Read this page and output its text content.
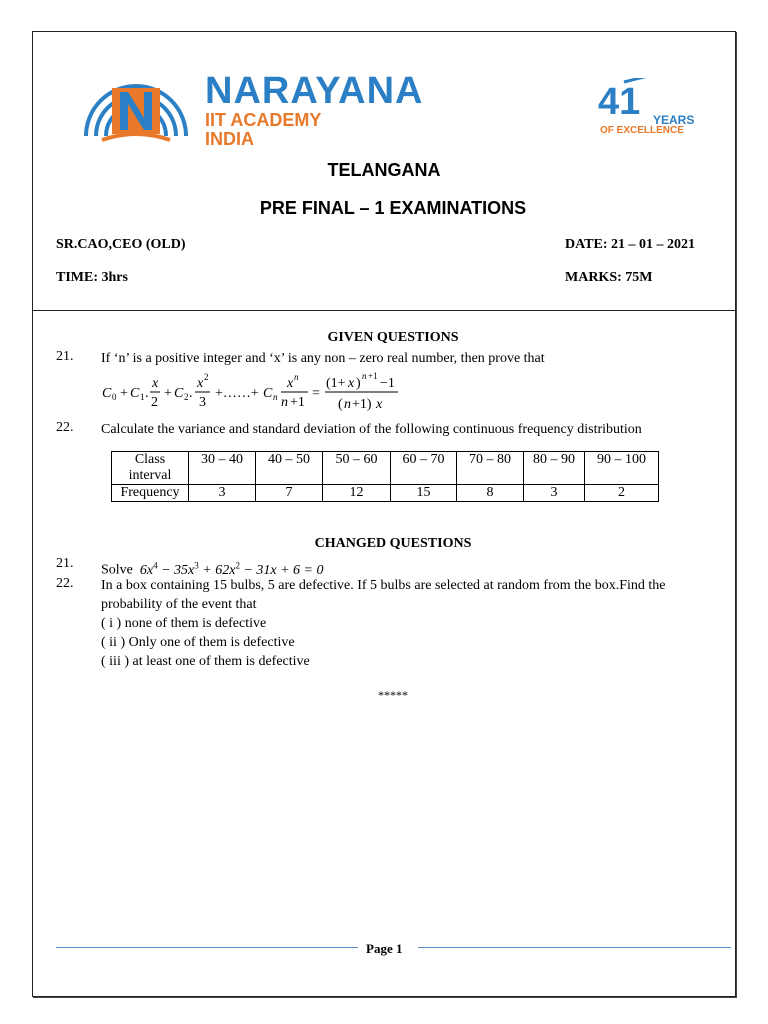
NARAYANA
IIT ACADEMY
INDIA
41 YEARS
OF EXCELLENCE
TELANGANA
PRE FINAL – 1 EXAMINATIONS
SR.CAO,CEO (OLD)	DATE: 21 – 01 – 2021
TIME: 3hrs	MARKS: 75M
GIVEN QUESTIONS
21. If ‘n’ is a positive integer and ‘x’ is any non – zero real number, then prove that
C 0 + C 1 .
x
2
+ C 2 .
x 2
3
+……+ C n
x n
n +1
=
(1+ x ) n +1 −1
( n +1) x
22. Calculate the variance and standard deviation of the following continuous frequency distribution
Class interval	30 – 40	40 – 50	50 – 60	60 – 70	70 – 80	80 – 90	90 – 100
Frequency	3	7	12	15	8	3	2
CHANGED QUESTIONS
21. Solve  $6x^4 - 35x^3 + 62x^2 - 31x + 6 = 0$
22. In a box containing 15 bulbs, 5 are defective. If 5 bulbs are selected at random from the box.Find the
probability of the event that
( i ) none of them is defective
( ii ) Only one of them is defective
( iii ) at least one of them is defective
*****
Page 1
